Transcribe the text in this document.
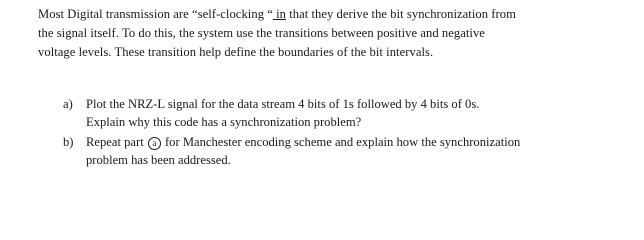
Most Digital transmission are “self-clocking “ in that they derive the bit synchronization from
the signal itself. To do this, the system use the transitions between positive and negative
voltage levels. These transition help define the boundaries of the bit intervals.
a) Plot the NRZ-L signal for the data stream 4 bits of 1s followed by 4 bits of 0s.
Explain why this code has a synchronization problem?
b) Repeat part a for Manchester encoding scheme and explain how the synchronization
problem has been addressed.
